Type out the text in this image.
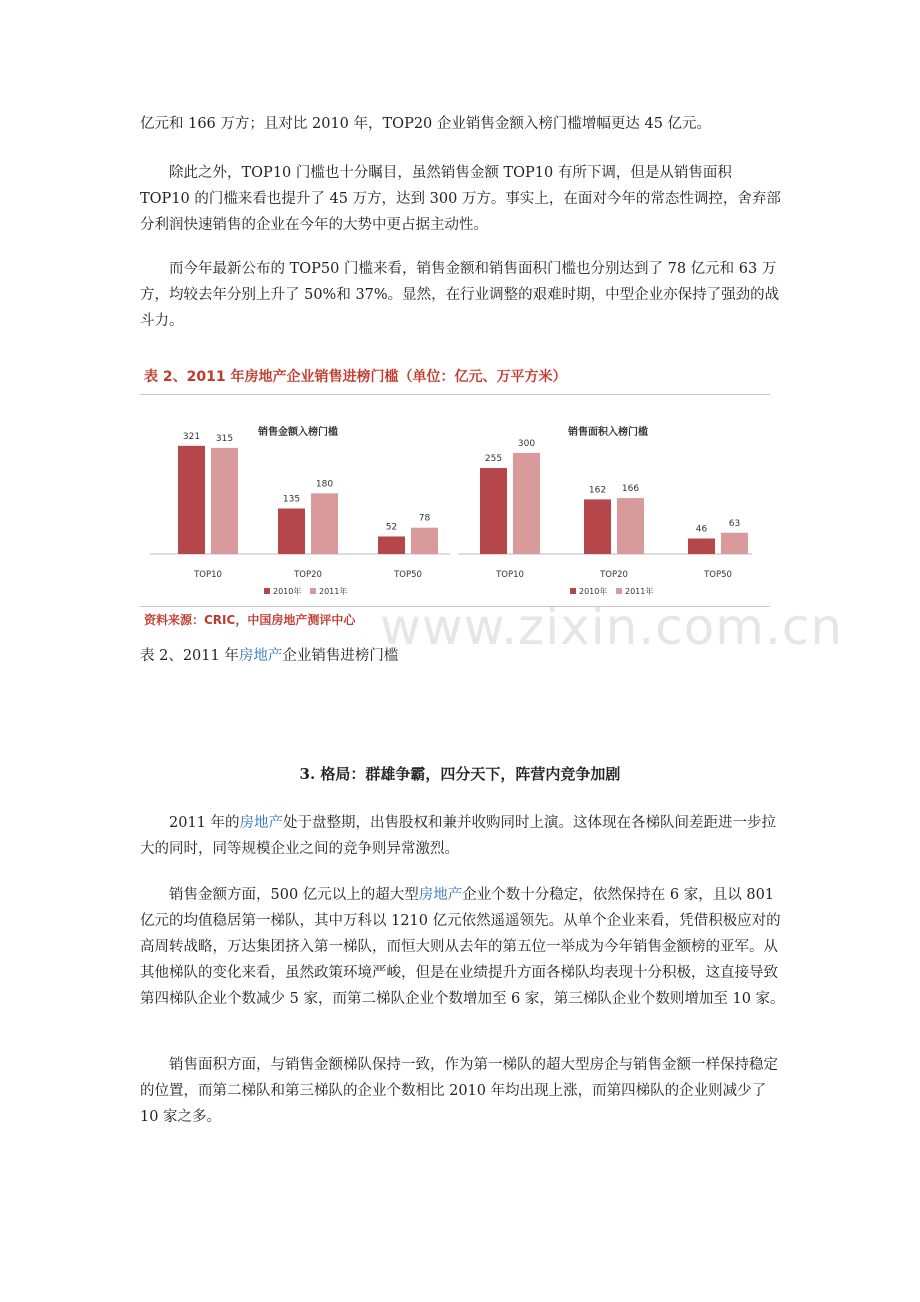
亿元和 166 万方；且对比 2010 年，TOP20 企业销售金额入榜门槛增幅更达 45 亿元。

除此之外，TOP10 门槛也十分瞩目，虽然销售金额 TOP10 有所下调，但是从销售面积 TOP10 的门槛来看也提升了 45 万方，达到 300 万方。事实上，在面对今年的常态性调控，舍弃部分利润快速销售的企业在今年的大势中更占据主动性。

而今年最新公布的 TOP50 门槛来看，销售金额和销售面积门槛也分别达到了 78 亿元和 63 万方，均较去年分别上升了 50%和 37%。显然，在行业调整的艰难时期，中型企业亦保持了强劲的战斗力。

表 2、2011 年房地产企业销售进榜门槛（单位：亿元、万平方米）
销售金额入榜门槛
321 315
TOP10
135
180
TOP20
52
78
TOP50
2010年 2011年
销售面积入榜门槛
255
300
TOP10
162 166
TOP20
46
63
TOP50
2010年 2011年
资料来源：CRIC，中国房地产测评中心 www.zixin.com.cn
表 2、2011 年房地产企业销售进榜门槛
3. 格局：群雄争霸，四分天下，阵营内竞争加剧

2011 年的房地产处于盘整期，出售股权和兼并收购同时上演。这体现在各梯队间差距进一步拉大的同时，同等规模企业之间的竞争则异常激烈。

销售金额方面，500 亿元以上的超大型房地产企业个数十分稳定，依然保持在 6 家，且以 801 亿元的均值稳居第一梯队，其中万科以 1210 亿元依然遥遥领先。从单个企业来看，凭借积极应对的高周转战略，万达集团挤入第一梯队，而恒大则从去年的第五位一举成为今年销售金额榜的亚军。从其他梯队的变化来看，虽然政策环境严峻，但是在业绩提升方面各梯队均表现十分积极，这直接导致第四梯队企业个数减少 5 家，而第二梯队企业个数增加至 6 家，第三梯队企业个数则增加至 10 家。

销售面积方面，与销售金额梯队保持一致，作为第一梯队的超大型房企与销售金额一样保持稳定的位置，而第二梯队和第三梯队的企业个数相比 2010 年均出现上涨，而第四梯队的企业则减少了 10 家之多。
